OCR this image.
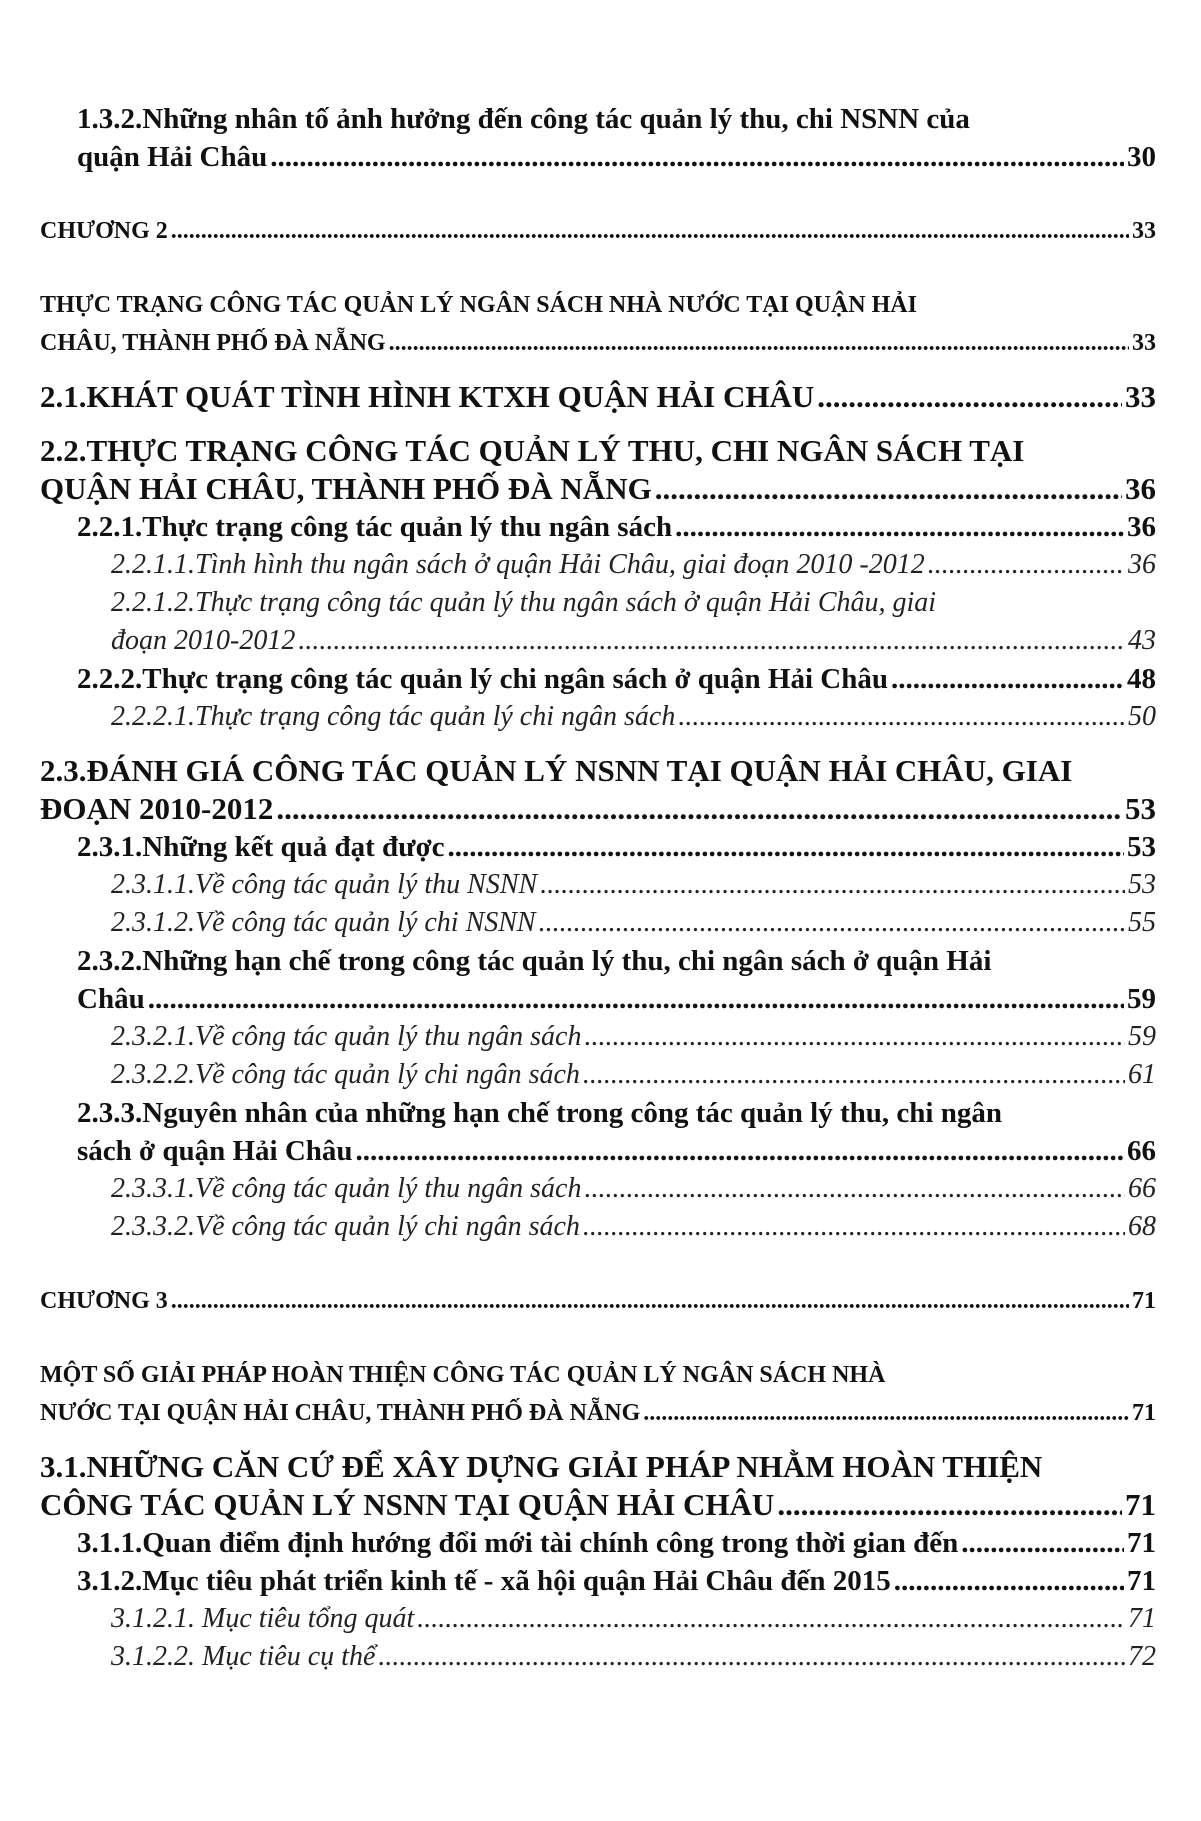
1.3.2.Những nhân tố ảnh hưởng đến công tác quản lý thu, chi NSNN của
quận Hải Châu .....	30
CHƯƠNG 2 .....	33
THỰC TRẠNG CÔNG TÁC QUẢN LÝ NGÂN SÁCH NHÀ NƯỚC TẠI QUẬN HẢI
CHÂU, THÀNH PHỐ ĐÀ NẴNG .....	33
2.1.KHÁT QUÁT TÌNH HÌNH KTXH QUẬN HẢI CHÂU .....	33
2.2.THỰC TRẠNG CÔNG TÁC QUẢN LÝ THU, CHI NGÂN SÁCH TẠI
QUẬN HẢI CHÂU, THÀNH PHỐ ĐÀ NẴNG .....	36
2.2.1.Thực trạng công tác quản lý thu ngân sách .....	36
2.2.1.1.Tình hình thu ngân sách ở quận Hải Châu, giai đoạn 2010 -2012 .....	36
2.2.1.2.Thực trạng công tác quản lý thu ngân sách ở quận Hải Châu, giai
đoạn 2010-2012 .....	43
2.2.2.Thực trạng công tác quản lý chi ngân sách ở quận Hải Châu .....	48
2.2.2.1.Thực trạng công tác quản lý chi ngân sách .....	50
2.3.ĐÁNH GIÁ CÔNG TÁC QUẢN LÝ NSNN TẠI QUẬN HẢI CHÂU, GIAI
ĐOẠN 2010-2012 .....	53
2.3.1.Những kết quả đạt được .....	53
2.3.1.1.Về công tác quản lý thu NSNN .....	53
2.3.1.2.Về công tác quản lý chi NSNN .....	55
2.3.2.Những hạn chế trong công tác quản lý thu, chi ngân sách ở quận Hải
Châu .....	59
2.3.2.1.Về công tác quản lý thu ngân sách .....	59
2.3.2.2.Về công tác quản lý chi ngân sách .....	61
2.3.3.Nguyên nhân của những hạn chế trong công tác quản lý thu, chi ngân
sách ở quận Hải Châu .....	66
2.3.3.1.Về công tác quản lý thu ngân sách .....	66
2.3.3.2.Về công tác quản lý chi ngân sách .....	68
CHƯƠNG 3 .....	71
MỘT SỐ GIẢI PHÁP HOÀN THIỆN CÔNG TÁC QUẢN LÝ NGÂN SÁCH NHÀ
NƯỚC TẠI QUẬN HẢI CHÂU, THÀNH PHỐ ĐÀ NẴNG .....	71
3.1.NHỮNG CĂN CỨ ĐỂ XÂY DỰNG GIẢI PHÁP NHẰM HOÀN THIỆN
CÔNG TÁC QUẢN LÝ NSNN TẠI QUẬN HẢI CHÂU .....	71
3.1.1.Quan điểm định hướng đổi mới tài chính công trong thời gian đến .....	71
3.1.2.Mục tiêu phát triển kinh tế - xã hội quận Hải Châu đến 2015 .....	71
3.1.2.1. Mục tiêu tổng quát .....	71
3.1.2.2. Mục tiêu cụ thể .....	72
